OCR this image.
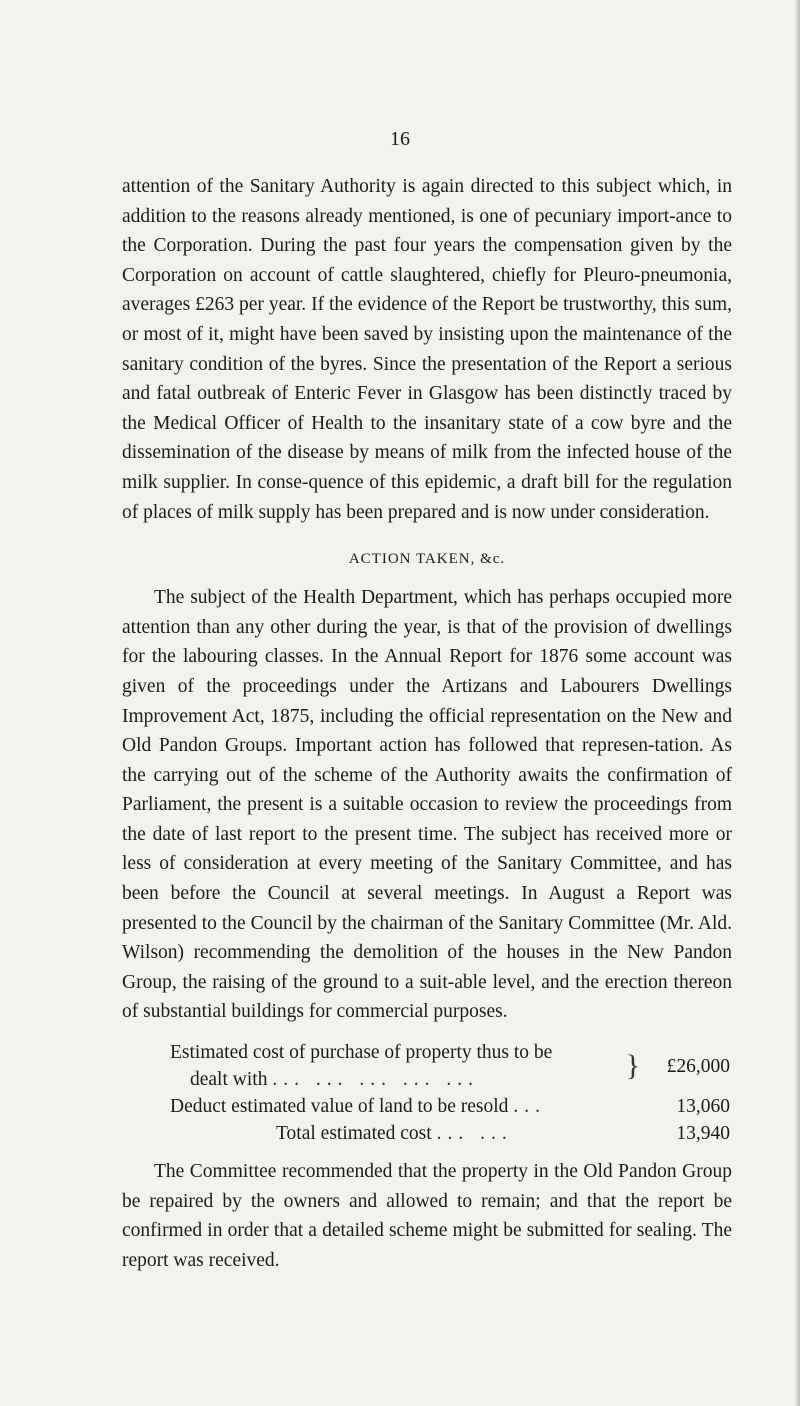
16

attention of the Sanitary Authority is again directed to this subject which, in addition to the reasons already mentioned, is one of pecuniary import-ance to the Corporation. During the past four years the compensation given by the Corporation on account of cattle slaughtered, chiefly for Pleuro-pneumonia, averages £263 per year. If the evidence of the Report be trustworthy, this sum, or most of it, might have been saved by insisting upon the maintenance of the sanitary condition of the byres. Since the presentation of the Report a serious and fatal outbreak of Enteric Fever in Glasgow has been distinctly traced by the Medical Officer of Health to the insanitary state of a cow byre and the dissemination of the disease by means of milk from the infected house of the milk supplier. In conse-quence of this epidemic, a draft bill for the regulation of places of milk supply has been prepared and is now under consideration.

ACTION TAKEN, &c.

The subject of the Health Department, which has perhaps occupied more attention than any other during the year, is that of the provision of dwellings for the labouring classes. In the Annual Report for 1876 some account was given of the proceedings under the Artizans and Labourers Dwellings Improvement Act, 1875, including the official representation on the New and Old Pandon Groups. Important action has followed that represen-tation. As the carrying out of the scheme of the Authority awaits the confirmation of Parliament, the present is a suitable occasion to review the proceedings from the date of last report to the present time. The subject has received more or less of consideration at every meeting of the Sanitary Committee, and has been before the Council at several meetings. In August a Report was presented to the Council by the chairman of the Sanitary Committee (Mr. Ald. Wilson) recommending the demolition of the houses in the New Pandon Group, the raising of the ground to a suit-able level, and the erection thereon of substantial buildings for commercial purposes.

Estimated cost of purchase of property thus to be
dealt with ... ... ... ... ...	}	£26,000
Deduct estimated value of land to be resold ...		13,060
Total estimated cost ... ...		13,940

The Committee recommended that the property in the Old Pandon Group be repaired by the owners and allowed to remain; and that the report be confirmed in order that a detailed scheme might be submitted for sealing. The report was received.
